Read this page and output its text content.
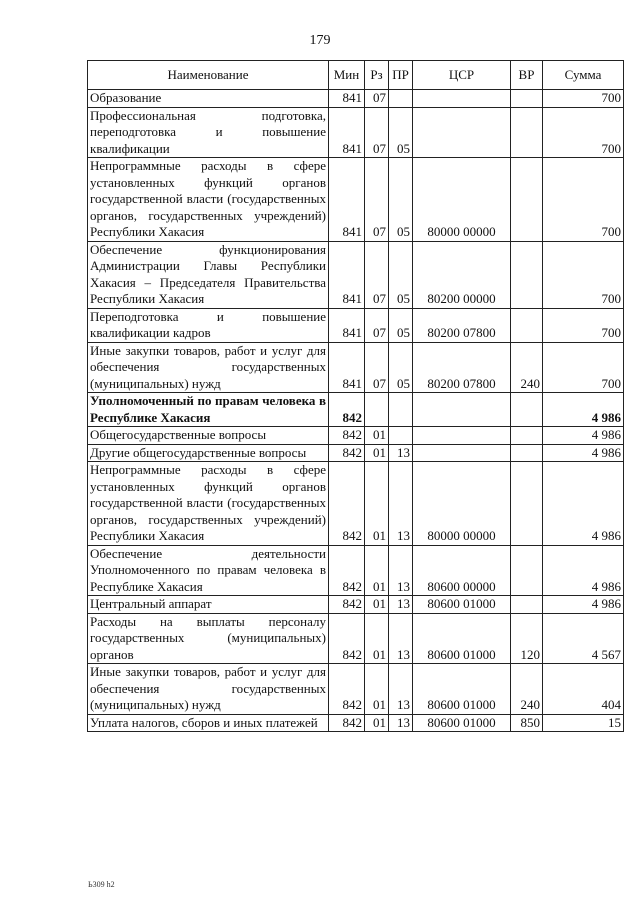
179
Наименование	Мин	Рз	ПР	ЦСР	ВР	Сумма
Образование	841	07				700
Профессиональная подготовка, переподготовка и повышение квалификации	841	07	05			700
Непрограммные расходы в сфере установленных функций органов государственной власти (государственных органов, государственных учреждений) Республики Хакасия	841	07	05	80000 00000		700
Обеспечение функционирования Администрации Главы Республики Хакасия – Председателя Правительства Республики Хакасия	841	07	05	80200 00000		700
Переподготовка и повышение квалификации кадров	841	07	05	80200 07800		700
Иные закупки товаров, работ и услуг для обеспечения государственных (муниципальных) нужд	841	07	05	80200 07800	240	700
Уполномоченный по правам человека в Республике Хакасия	842					4 986
Общегосударственные вопросы	842	01				4 986
Другие общегосударственные вопросы	842	01	13			4 986
Непрограммные расходы в сфере установленных функций органов государственной власти (государственных органов, государственных учреждений) Республики Хакасия	842	01	13	80000 00000		4 986
Обеспечение деятельности Уполномоченного по правам человека в Республике Хакасия	842	01	13	80600 00000		4 986
Центральный аппарат	842	01	13	80600 01000		4 986
Расходы на выплаты персоналу государственных (муниципальных) органов	842	01	13	80600 01000	120	4 567
Иные закупки товаров, работ и услуг для обеспечения государственных (муниципальных) нужд	842	01	13	80600 01000	240	404
Уплата налогов, сборов и иных платежей	842	01	13	80600 01000	850	15
Ь309 h2
